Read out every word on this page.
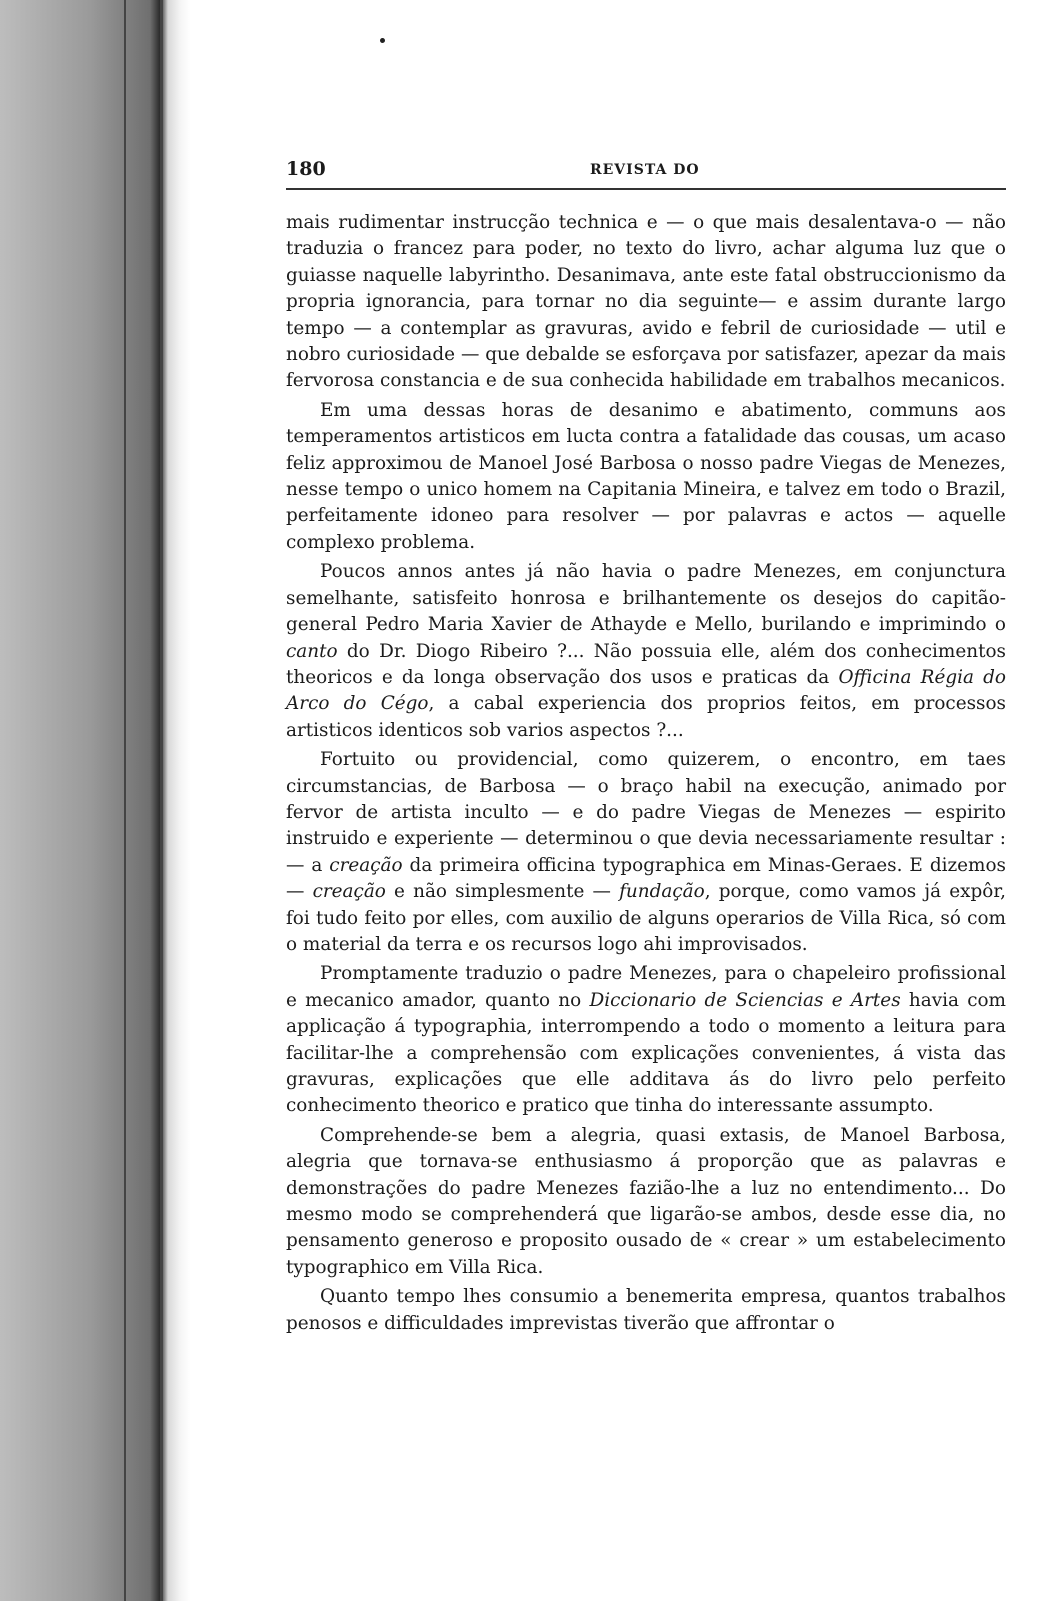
180	REVISTA DO

mais rudimentar instrucção technica e — o que mais desalentava-o — não traduzia o francez para poder, no texto do livro, achar alguma luz que o guiasse naquelle labyrintho. Desanimava, ante este fatal obstruccionismo da propria ignorancia, para tornar no dia seguinte— e assim durante largo tempo — a contemplar as gravuras, avido e febril de curiosidade — util e nobro curiosidade — que debalde se esforçava por satisfazer, apezar da mais fervorosa constancia e de sua conhecida habilidade em trabalhos mecanicos.

Em uma dessas horas de desanimo e abatimento, communs aos temperamentos artisticos em lucta contra a fatalidade das cousas, um acaso feliz approximou de Manoel José Barbosa o nosso padre Viegas de Menezes, nesse tempo o unico homem na Capitania Mineira, e talvez em todo o Brazil, perfeitamente idoneo para resolver — por palavras e actos — aquelle complexo problema.

Poucos annos antes já não havia o padre Menezes, em conjunctura semelhante, satisfeito honrosa e brilhantemente os desejos do capitão-general Pedro Maria Xavier de Athayde e Mello, burilando e imprimindo o canto do Dr. Diogo Ribeiro ?... Não possuia elle, além dos conhecimentos theoricos e da longa observação dos usos e praticas da Officina Régia do Arco do Cégo, a cabal experiencia dos proprios feitos, em processos artisticos identicos sob varios aspectos ?...

Fortuito ou providencial, como quizerem, o encontro, em taes circumstancias, de Barbosa — o braço habil na execução, animado por fervor de artista inculto — e do padre Viegas de Menezes — espirito instruido e experiente — determinou o que devia necessariamente resultar : — a creação da primeira officina typographica em Minas-Geraes. E dizemos — creação e não simplesmente — fundação, porque, como vamos já expôr, foi tudo feito por elles, com auxilio de alguns operarios de Villa Rica, só com o material da terra e os recursos logo ahi improvisados.

Promptamente traduzio o padre Menezes, para o chapeleiro profissional e mecanico amador, quanto no Diccionario de Sciencias e Artes havia com applicação á typographia, interrompendo a todo o momento a leitura para facilitar-lhe a comprehensão com explicações convenientes, á vista das gravuras, explicações que elle additava ás do livro pelo perfeito conhecimento theorico e pratico que tinha do interessante assumpto.

Comprehende-se bem a alegria, quasi extasis, de Manoel Barbosa, alegria que tornava-se enthusiasmo á proporção que as palavras e demonstrações do padre Menezes fazião-lhe a luz no entendimento... Do mesmo modo se comprehenderá que ligarão-se ambos, desde esse dia, no pensamento generoso e proposito ousado de « crear » um estabelecimento typographico em Villa Rica.

Quanto tempo lhes consumio a benemerita empresa, quantos trabalhos penosos e difficuldades imprevistas tiverão que affrontar o
